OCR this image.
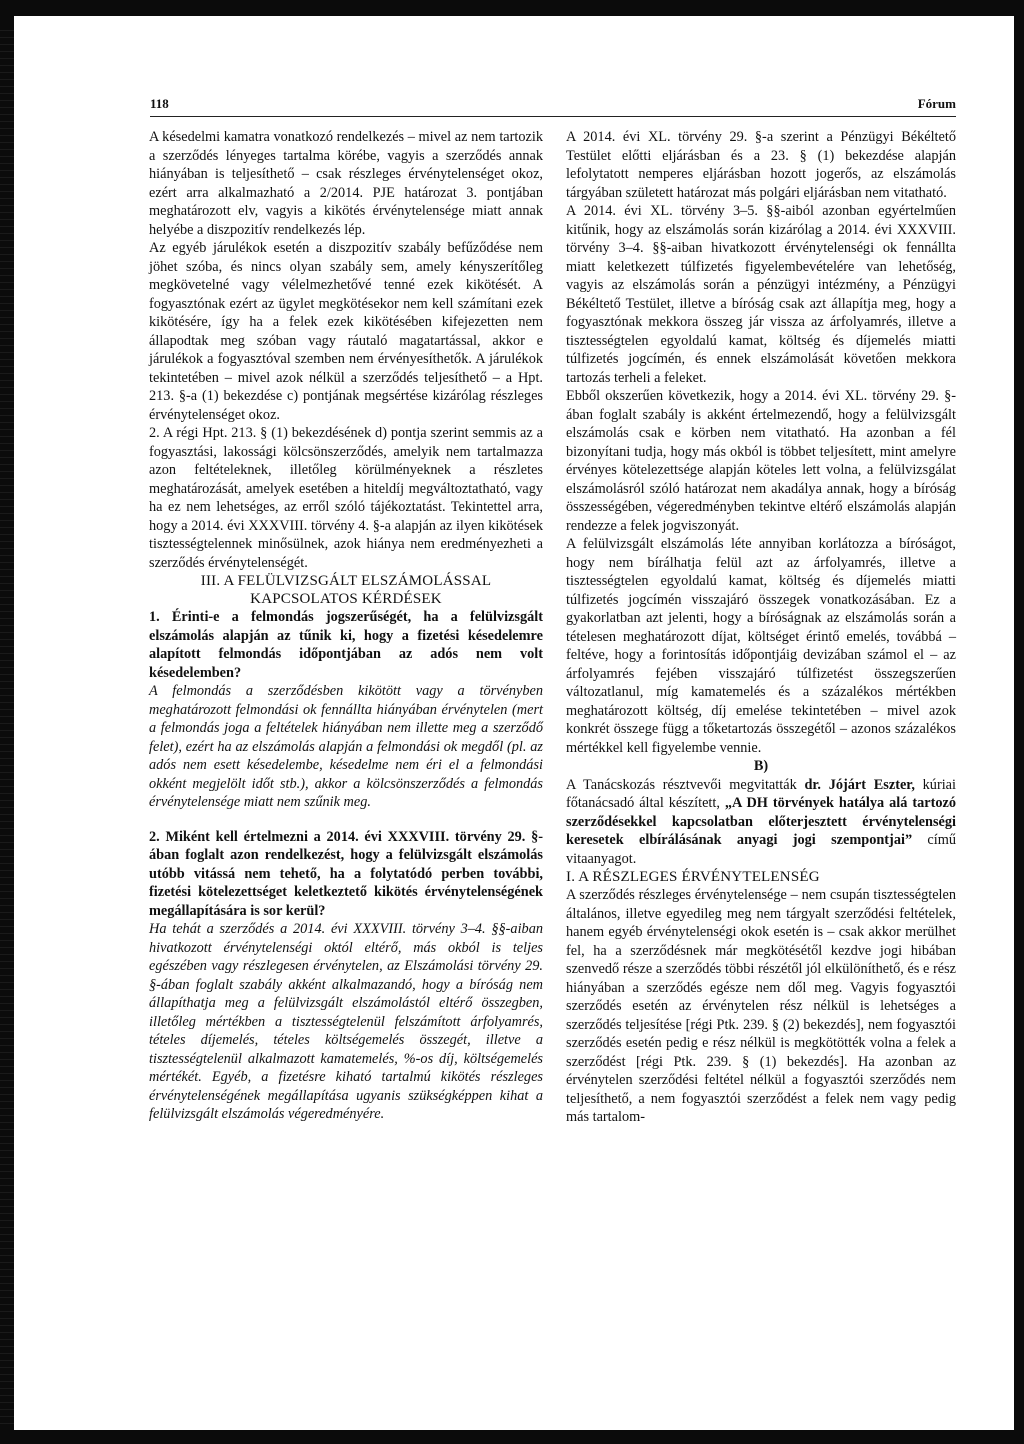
118	Fórum

A késedelmi kamatra vonatkozó rendelkezés – mivel az nem tartozik a szerződés lényeges tartalma körébe, vagyis a szerződés annak hiányában is teljesíthető – csak részleges érvénytelenséget okoz, ezért arra alkalmazható a 2/2014. PJE határozat 3. pontjában meghatározott elv, vagyis a kikötés érvénytelensége miatt annak helyébe a diszpozitív rendelkezés lép.

Az egyéb járulékok esetén a diszpozitív szabály befűződése nem jöhet szóba, és nincs olyan szabály sem, amely kényszerítőleg megkövetelné vagy vélelmezhetővé tenné ezek kikötését. A fogyasztónak ezért az ügylet megkötésekor nem kell számítani ezek kikötésére, így ha a felek ezek kikötésében kifejezetten nem állapodtak meg szóban vagy ráutaló magatartással, akkor e járulékok a fogyasztóval szemben nem érvényesíthetők. A járulékok tekintetében – mivel azok nélkül a szerződés teljesíthető – a Hpt. 213. §-a (1) bekezdése c) pontjának megsértése kizárólag részleges érvénytelenséget okoz.

2. A régi Hpt. 213. § (1) bekezdésének d) pontja szerint semmis az a fogyasztási, lakossági kölcsönszerződés, amelyik nem tartalmazza azon feltételeknek, illetőleg körülményeknek a részletes meghatározását, amelyek esetében a hiteldíj megváltoztatható, vagy ha ez nem lehetséges, az erről szóló tájékoztatást. Tekintettel arra, hogy a 2014. évi XXXVIII. törvény 4. §-a alapján az ilyen kikötések tisztességtelennek minősülnek, azok hiánya nem eredményezheti a szerződés érvénytelenségét.

III. A FELÜLVIZSGÁLT ELSZÁMOLÁSSAL KAPCSOLATOS KÉRDÉSEK

1. Érinti-e a felmondás jogszerűségét, ha a felülvizsgált elszámolás alapján az tűnik ki, hogy a fizetési késedelemre alapított felmondás időpontjában az adós nem volt késedelemben?

A felmondás a szerződésben kikötött vagy a törvényben meghatározott felmondási ok fennállta hiányában érvénytelen (mert a felmondás joga a feltételek hiányában nem illette meg a szerződő felet), ezért ha az elszámolás alapján a felmondási ok megdől (pl. az adós nem esett késedelembe, késedelme nem éri el a felmondási okként megjelölt időt stb.), akkor a kölcsönszerződés a felmondás érvénytelensége miatt nem szűnik meg.

2. Miként kell értelmezni a 2014. évi XXXVIII. törvény 29. §-ában foglalt azon rendelkezést, hogy a felülvizsgált elszámolás utóbb vitássá nem tehető, ha a folytatódó perben további, fizetési kötelezettséget keletkeztető kikötés érvénytelenségének megállapítására is sor kerül?

Ha tehát a szerződés a 2014. évi XXXVIII. törvény 3–4. §§-aiban hivatkozott érvénytelenségi októl eltérő, más okból is teljes egészében vagy részlegesen érvénytelen, az Elszámolási törvény 29. §-ában foglalt szabály akként alkalmazandó, hogy a bíróság nem állapíthatja meg a felülvizsgált elszámolástól eltérő összegben, illetőleg mértékben a tisztességtelenül felszámított árfolyamrés, tételes díjemelés, tételes költségemelés összegét, illetve a tisztességtelenül alkalmazott kamatemelés, %-os díj, költségemelés mértékét. Egyéb, a fizetésre kiható tartalmú kikötés részleges érvénytelenségének megállapítása ugyanis szükségképpen kihat a felülvizsgált elszámolás végeredményére.

A 2014. évi XL. törvény 29. §-a szerint a Pénzügyi Békéltető Testület előtti eljárásban és a 23. § (1) bekezdése alapján lefolytatott nemperes eljárásban hozott jogerős, az elszámolás tárgyában született határozat más polgári eljárásban nem vitatható.

A 2014. évi XL. törvény 3–5. §§-aiból azonban egyértelműen kitűnik, hogy az elszámolás során kizárólag a 2014. évi XXXVIII. törvény 3–4. §§-aiban hivatkozott érvénytelenségi ok fennállta miatt keletkezett túlfizetés figyelembevételére van lehetőség, vagyis az elszámolás során a pénzügyi intézmény, a Pénzügyi Békéltető Testület, illetve a bíróság csak azt állapítja meg, hogy a fogyasztónak mekkora összeg jár vissza az árfolyamrés, illetve a tisztességtelen egyoldalú kamat, költség és díjemelés miatti túlfizetés jogcímén, és ennek elszámolását követően mekkora tartozás terheli a feleket.

Ebből okszerűen következik, hogy a 2014. évi XL. törvény 29. §-ában foglalt szabály is akként értelmezendő, hogy a felülvizsgált elszámolás csak e körben nem vitatható. Ha azonban a fél bizonyítani tudja, hogy más okból is többet teljesített, mint amelyre érvényes kötelezettsége alapján köteles lett volna, a felülvizsgálat elszámolásról szóló határozat nem akadálya annak, hogy a bíróság összességében, végeredményben tekintve eltérő elszámolás alapján rendezze a felek jogviszonyát.

A felülvizsgált elszámolás léte annyiban korlátozza a bíróságot, hogy nem bírálhatja felül azt az árfolyamrés, illetve a tisztességtelen egyoldalú kamat, költség és díjemelés miatti túlfizetés jogcímén visszajáró összegek vonatkozásában. Ez a gyakorlatban azt jelenti, hogy a bíróságnak az elszámolás során a tételesen meghatározott díjat, költséget érintő emelés, továbbá – feltéve, hogy a forintosítás időpontjáig devizában számol el – az árfolyamrés fejében visszajáró túlfizetést összegszerűen változatlanul, míg kamatemelés és a százalékos mértékben meghatározott költség, díj emelése tekintetében – mivel azok konkrét összege függ a tőketartozás összegétől – azonos százalékos mértékkel kell figyelembe vennie.

B)

A Tanácskozás résztvevői megvitatták dr. Jójárt Eszter, kúriai főtanácsadó által készített, „A DH törvények hatálya alá tartozó szerződésekkel kapcsolatban előterjesztett érvénytelenségi keresetek elbírálásának anyagi jogi szempontjai” című vitaanyagot.

I. A RÉSZLEGES ÉRVÉNYTELENSÉG

A szerződés részleges érvénytelensége – nem csupán tisztességtelen általános, illetve egyedileg meg nem tárgyalt szerződési feltételek, hanem egyéb érvénytelenségi okok esetén is – csak akkor merülhet fel, ha a szerződésnek már megkötésétől kezdve jogi hibában szenvedő része a szerződés többi részétől jól elkülöníthető, és e rész hiányában a szerződés egésze nem dől meg. Vagyis fogyasztói szerződés esetén az érvénytelen rész nélkül is lehetséges a szerződés teljesítése [régi Ptk. 239. § (2) bekezdés], nem fogyasztói szerződés esetén pedig e rész nélkül is megkötötték volna a felek a szerződést [régi Ptk. 239. § (1) bekezdés]. Ha azonban az érvénytelen szerződési feltétel nélkül a fogyasztói szerződés nem teljesíthető, a nem fogyasztói szerződést a felek nem vagy pedig más tartalom-
